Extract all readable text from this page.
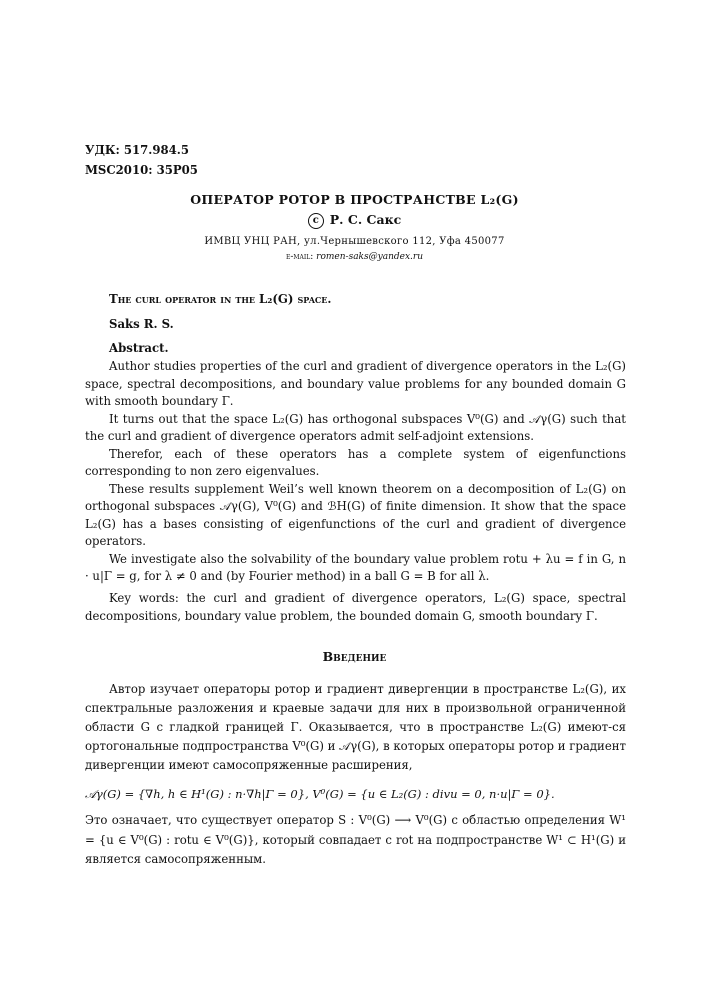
УДК: 517.984.5
MSC2010: 35P05
ОПЕРАТОР РОТОР В ПРОСТРАНСТВЕ L₂(G)
c Р. С. Сакс
ИМВЦ УНЦ РАН, ул.Чернышевского 112, Уфа 450077
e-mail: romen-saks@yandex.ru
The curl operator in the L₂(G) space.
Saks R. S.
Abstract.
Author studies properties of the curl and gradient of divergence operators in the L₂(G) space, spectral decompositions, and boundary value problems for any bounded domain G with smooth boundary Γ.
It turns out that the space L₂(G) has orthogonal subspaces V⁰(G) and 𝒜γ(G) such that the curl and gradient of divergence operators admit self-adjoint extensions.
Therefor, each of these operators has a complete system of eigenfunctions corresponding to non zero eigenvalues.
These results supplement Weil’s well known theorem on a decomposition of L₂(G) on orthogonal subspaces 𝒜γ(G), V⁰(G) and ℬH(G) of finite dimension. It show that the space L₂(G) has a bases consisting of eigenfunctions of the curl and gradient of divergence operators.
We investigate also the solvability of the boundary value problem rotu + λu = f in G, n · u|Γ = g, for λ ≠ 0 and (by Fourier method) in a ball G = B for all λ.
Key words: the curl and gradient of divergence operators, L₂(G) space, spectral decompositions, boundary value problem, the bounded domain G, smooth boundary Γ.
Введение
Автор изучает операторы ротор и градиент дивергенции в пространстве L₂(G), их спектральные разложения и краевые задачи для них в произвольной ограниченной области G с гладкой границей Γ. Оказывается, что в пространстве L₂(G) имеют-ся ортогональные подпространства V⁰(G) и 𝒜γ(G), в которых операторы ротор и градиент дивергенции имеют самосопряженные расширения,
𝒜γ(G) = {∇h, h ∈ H¹(G) : n·∇h|Γ = 0}, V⁰(G) = {u ∈ L₂(G) : divu = 0, n·u|Γ = 0}.
Это означает, что существует оператор S : V⁰(G) ⟶ V⁰(G) с областью определения W¹ = {u ∈ V⁰(G) : rotu ∈ V⁰(G)}, который совпадает с rot на подпространстве W¹ ⊂ H¹(G) и является самосопряженным.
